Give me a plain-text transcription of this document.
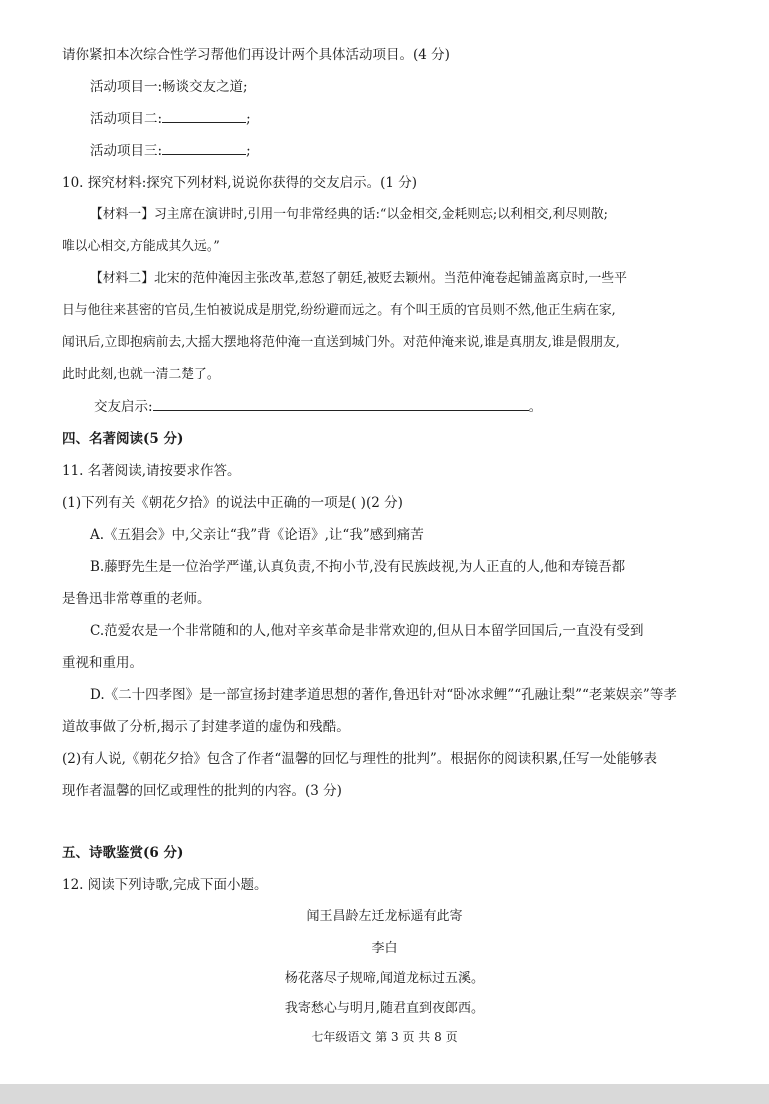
请你紧扣本次综合性学习帮他们再设计两个具体活动项目。(4 分)
活动项目一:畅谈交友之道;
活动项目二:	;
活动项目三:	;
10. 探究材料:探究下列材料,说说你获得的交友启示。(1 分)
【材料一】习主席在演讲时,引用一句非常经典的话:“以金相交,金耗则忘;以利相交,利尽则散;
唯以心相交,方能成其久远。”
【材料二】北宋的范仲淹因主张改革,惹怒了朝廷,被贬去颖州。当范仲淹卷起铺盖离京时,一些平
日与他往来甚密的官员,生怕被说成是朋党,纷纷避而远之。有个叫王质的官员则不然,他正生病在家,
闻讯后,立即抱病前去,大摇大摆地将范仲淹一直送到城门外。对范仲淹来说,谁是真朋友,谁是假朋友,
此时此刻,也就一清二楚了。
交友启示:	。
四、名著阅读(5 分)
11. 名著阅读,请按要求作答。
(1)下列有关《朝花夕拾》的说法中正确的一项是( )(2 分)
A.《五猖会》中,父亲让“我”背《论语》,让“我”感到痛苦
B.藤野先生是一位治学严谨,认真负责,不拘小节,没有民族歧视,为人正直的人,他和寿镜吾都
是鲁迅非常尊重的老师。
C.范爱农是一个非常随和的人,他对辛亥革命是非常欢迎的,但从日本留学回国后,一直没有受到
重视和重用。
D.《二十四孝图》是一部宣扬封建孝道思想的著作,鲁迅针对“卧冰求鲤”“孔融让梨”“老莱娱亲”等孝
道故事做了分析,揭示了封建孝道的虚伪和残酷。
(2)有人说,《朝花夕拾》包含了作者“温馨的回忆与理性的批判”。根据你的阅读积累,任写一处能够表
现作者温馨的回忆或理性的批判的内容。(3 分)
五、诗歌鉴赏(6 分)
12. 阅读下列诗歌,完成下面小题。
闻王昌龄左迁龙标遥有此寄
李白
杨花落尽子规啼,闻道龙标过五溪。
我寄愁心与明月,随君直到夜郎西。
七年级语文 第 3 页 共 8 页
